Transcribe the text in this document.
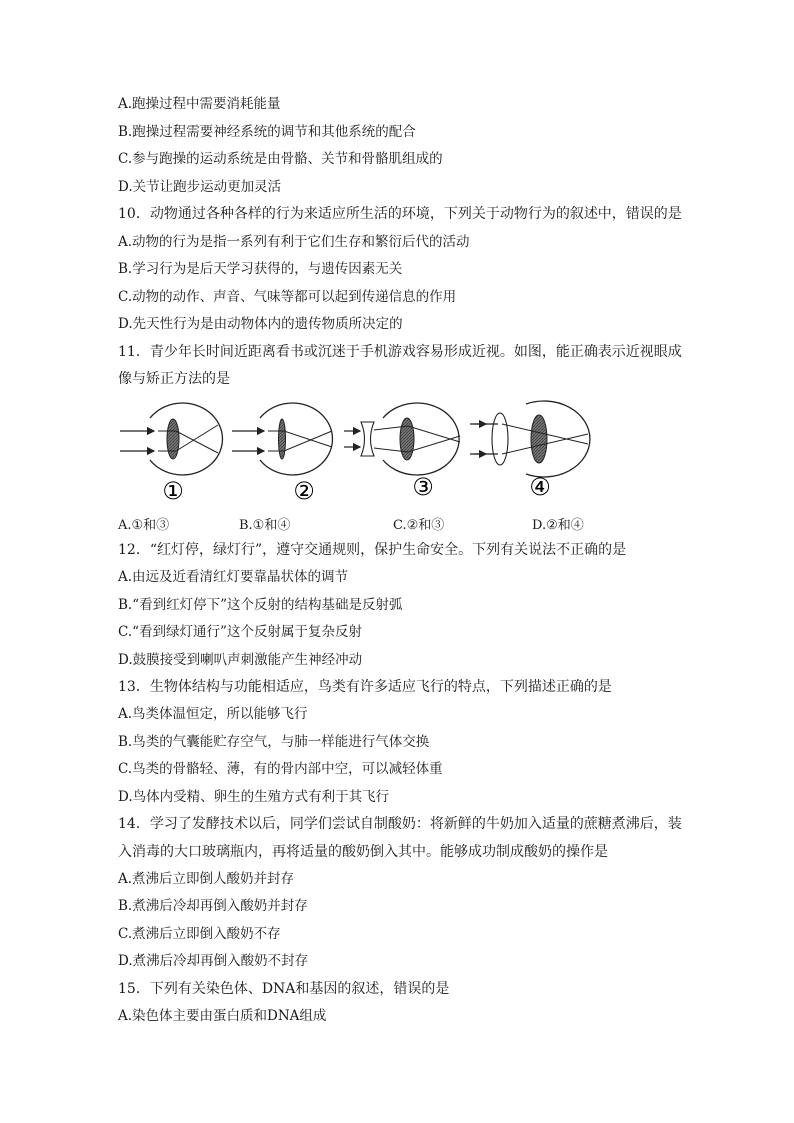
A.跑操过程中需要消耗能量
B.跑操过程需要神经系统的调节和其他系统的配合
C.参与跑操的运动系统是由骨骼、关节和骨骼肌组成的
D.关节让跑步运动更加灵活
10．动物通过各种各样的行为来适应所生活的环境，下列关于动物行为的叙述中，错误的是
A.动物的行为是指一系列有利于它们生存和繁衍后代的活动
B.学习行为是后天学习获得的，与遗传因素无关
C.动物的动作、声音、气味等都可以起到传递信息的作用
D.先天性行为是由动物体内的遗传物质所决定的
11．青少年长时间近距离看书或沉迷于手机游戏容易形成近视。如图，能正确表示近视眼成
像与矫正方法的是
①	②	③	④
A.①和③	B.①和④	C.②和③	D.②和④
12．“红灯停，绿灯行”，遵守交通规则，保护生命安全。下列有关说法不正确的是
A.由远及近看清红灯要靠晶状体的调节
B.“看到红灯停下”这个反射的结构基础是反射弧
C.“看到绿灯通行”这个反射属于复杂反射
D.鼓膜接受到喇叭声刺激能产生神经冲动
13．生物体结构与功能相适应，鸟类有许多适应飞行的特点，下列描述正确的是
A.鸟类体温恒定，所以能够飞行
B.鸟类的气囊能贮存空气，与肺一样能进行气体交换
C.鸟类的骨骼轻、薄，有的骨内部中空，可以减轻体重
D.鸟体内受精、卵生的生殖方式有利于其飞行
14．学习了发酵技术以后，同学们尝试自制酸奶：将新鲜的牛奶加入适量的蔗糖煮沸后，装
入消毒的大口玻璃瓶内，再将适量的酸奶倒入其中。能够成功制成酸奶的操作是
A.煮沸后立即倒人酸奶并封存
B.煮沸后冷却再倒入酸奶并封存
C.煮沸后立即倒入酸奶不存
D.煮沸后冷却再倒入酸奶不封存
15．下列有关染色体、DNA和基因的叙述，错误的是
A.染色体主要由蛋白质和DNA组成
